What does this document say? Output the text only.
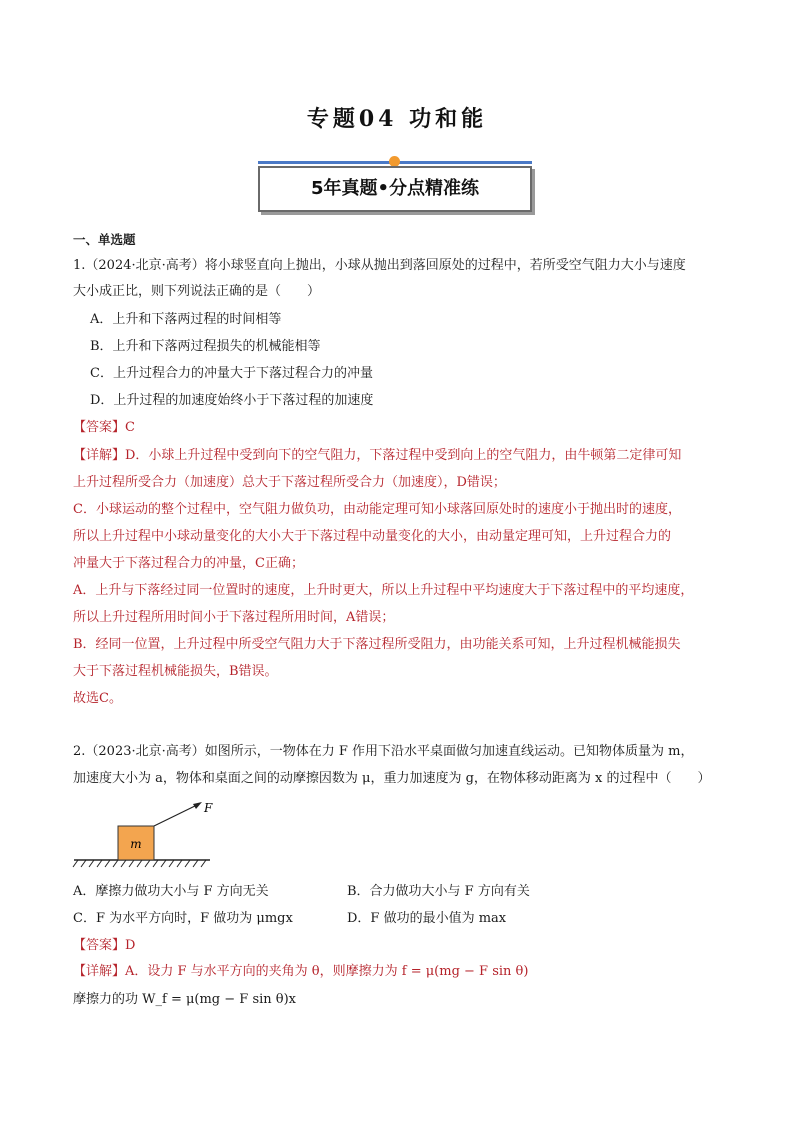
专题04 功和能
5年真题•分点精准练
一、单选题
1.（2024·北京·高考）将小球竖直向上抛出，小球从抛出到落回原处的过程中，若所受空气阻力大小与速度
大小成正比，则下列说法正确的是（　　）
A．上升和下落两过程的时间相等
B．上升和下落两过程损失的机械能相等
C．上升过程合力的冲量大于下落过程合力的冲量
D．上升过程的加速度始终小于下落过程的加速度
【答案】C
【详解】D．小球上升过程中受到向下的空气阻力，下落过程中受到向上的空气阻力，由牛顿第二定律可知
上升过程所受合力（加速度）总大于下落过程所受合力（加速度），D错误；
C．小球运动的整个过程中，空气阻力做负功，由动能定理可知小球落回原处时的速度小于抛出时的速度，
所以上升过程中小球动量变化的大小大于下落过程中动量变化的大小，由动量定理可知，上升过程合力的
冲量大于下落过程合力的冲量，C正确；
A．上升与下落经过同一位置时的速度，上升时更大，所以上升过程中平均速度大于下落过程中的平均速度，
所以上升过程所用时间小于下落过程所用时间，A错误；
B．经同一位置，上升过程中所受空气阻力大于下落过程所受阻力，由功能关系可知，上升过程机械能损失
大于下落过程机械能损失，B错误。
故选C。
2.（2023·北京·高考）如图所示，一物体在力 F 作用下沿水平桌面做匀加速直线运动。已知物体质量为 m，
加速度大小为 a，物体和桌面之间的动摩擦因数为 μ，重力加速度为 g，在物体移动距离为 x 的过程中（　　）
m
F
A．摩擦力做功大小与 F 方向无关	B．合力做功大小与 F 方向有关
C．F 为水平方向时，F 做功为 μmgx	D．F 做功的最小值为 max
【答案】D
【详解】A．设力 F 与水平方向的夹角为 θ，则摩擦力为 f = μ(mg − F sin θ)
摩擦力的功 W_f = μ(mg − F sin θ)x
